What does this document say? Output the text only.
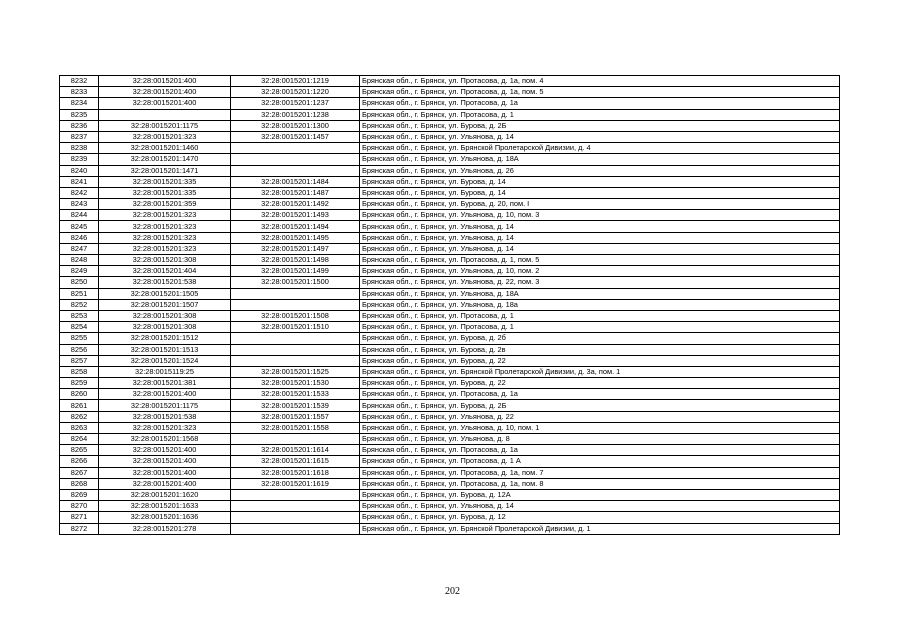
8232	32:28:0015201:400	32:28:0015201:1219	Брянская обл., г. Брянск, ул. Протасова, д. 1а, пом. 4
8233	32:28:0015201:400	32:28:0015201:1220	Брянская обл., г. Брянск, ул. Протасова, д. 1а, пом. 5
8234	32:28:0015201:400	32:28:0015201:1237	Брянская обл., г. Брянск, ул. Протасова, д. 1а
8235		32:28:0015201:1238	Брянская обл., г. Брянск, ул. Протасова, д. 1
8236	32:28:0015201:1175	32:28:0015201:1300	Брянская обл., г. Брянск, ул. Бурова, д. 2Б
8237	32:28:0015201:323	32:28:0015201:1457	Брянская обл., г. Брянск, ул. Ульянова, д. 14
8238	32:28:0015201:1460		Брянская обл., г. Брянск, ул. Брянской Пролетарской Дивизии, д. 4
8239	32:28:0015201:1470		Брянская обл., г. Брянск, ул. Ульянова, д. 18А
8240	32:28:0015201:1471		Брянская обл., г. Брянск, ул. Ульянова, д. 26
8241	32:28:0015201:335	32:28:0015201:1484	Брянская обл., г. Брянск, ул. Бурова, д. 14
8242	32:28:0015201:335	32:28:0015201:1487	Брянская обл., г. Брянск, ул. Бурова, д. 14
8243	32:28:0015201:359	32:28:0015201:1492	Брянская обл., г. Брянск, ул. Бурова, д. 20, пом. I
8244	32:28:0015201:323	32:28:0015201:1493	Брянская обл., г. Брянск, ул. Ульянова, д. 10, пом. 3
8245	32:28:0015201:323	32:28:0015201:1494	Брянская обл., г. Брянск, ул. Ульянова, д. 14
8246	32:28:0015201:323	32:28:0015201:1495	Брянская обл., г. Брянск, ул. Ульянова, д. 14
8247	32:28:0015201:323	32:28:0015201:1497	Брянская обл., г. Брянск, ул. Ульянова, д. 14
8248	32:28:0015201:308	32:28:0015201:1498	Брянская обл., г. Брянск, ул. Протасова, д. 1, пом. 5
8249	32:28:0015201:404	32:28:0015201:1499	Брянская обл., г. Брянск, ул. Ульянова, д. 10, пом. 2
8250	32:28:0015201:538	32:28:0015201:1500	Брянская обл., г. Брянск, ул. Ульянова, д. 22, пом. 3
8251	32:28:0015201:1505		Брянская обл., г. Брянск, ул. Ульянова, д. 18А
8252	32:28:0015201:1507		Брянская обл., г. Брянск, ул. Ульянова, д. 18а
8253	32:28:0015201:308	32:28:0015201:1508	Брянская обл., г. Брянск, ул. Протасова, д. 1
8254	32:28:0015201:308	32:28:0015201:1510	Брянская обл., г. Брянск, ул. Протасова, д. 1
8255	32:28:0015201:1512		Брянская обл., г. Брянск, ул. Бурова, д. 2б
8256	32:28:0015201:1513		Брянская обл., г. Брянск, ул. Бурова, д. 2в
8257	32:28:0015201:1524		Брянская обл., г. Брянск, ул. Бурова, д. 22
8258	32:28:0015119:25	32:28:0015201:1525	Брянская обл., г. Брянск, ул. Брянской Пролетарской Дивизии, д. 3а, пом. 1
8259	32:28:0015201:381	32:28:0015201:1530	Брянская обл., г. Брянск, ул. Бурова, д. 22
8260	32:28:0015201:400	32:28:0015201:1533	Брянская обл., г. Брянск, ул. Протасова, д. 1а
8261	32:28:0015201:1175	32:28:0015201:1539	Брянская обл., г. Брянск, ул. Бурова, д. 2Б
8262	32:28:0015201:538	32:28:0015201:1557	Брянская обл., г. Брянск, ул. Ульянова, д. 22
8263	32:28:0015201:323	32:28:0015201:1558	Брянская обл., г. Брянск, ул. Ульянова, д. 10, пом. 1
8264	32:28:0015201:1568		Брянская обл., г. Брянск, ул. Ульянова, д. 8
8265	32:28:0015201:400	32:28:0015201:1614	Брянская обл., г. Брянск, ул. Протасова, д. 1а
8266	32:28:0015201:400	32:28:0015201:1615	Брянская обл., г. Брянск, ул. Протасова, д. 1 А
8267	32:28:0015201:400	32:28:0015201:1618	Брянская обл., г. Брянск, ул. Протасова, д. 1а, пом. 7
8268	32:28:0015201:400	32:28:0015201:1619	Брянская обл., г. Брянск, ул. Протасова, д. 1а, пом. 8
8269	32:28:0015201:1620		Брянская обл., г. Брянск, ул. Бурова, д. 12А
8270	32:28:0015201:1633		Брянская обл., г. Брянск, ул. Ульянова, д. 14
8271	32:28:0015201:1636		Брянская обл., г. Брянск, ул. Бурова, д. 12
8272	32:28:0015201:278		Брянская обл., г. Брянск, ул. Брянской Пролетарской Дивизии, д. 1
202
